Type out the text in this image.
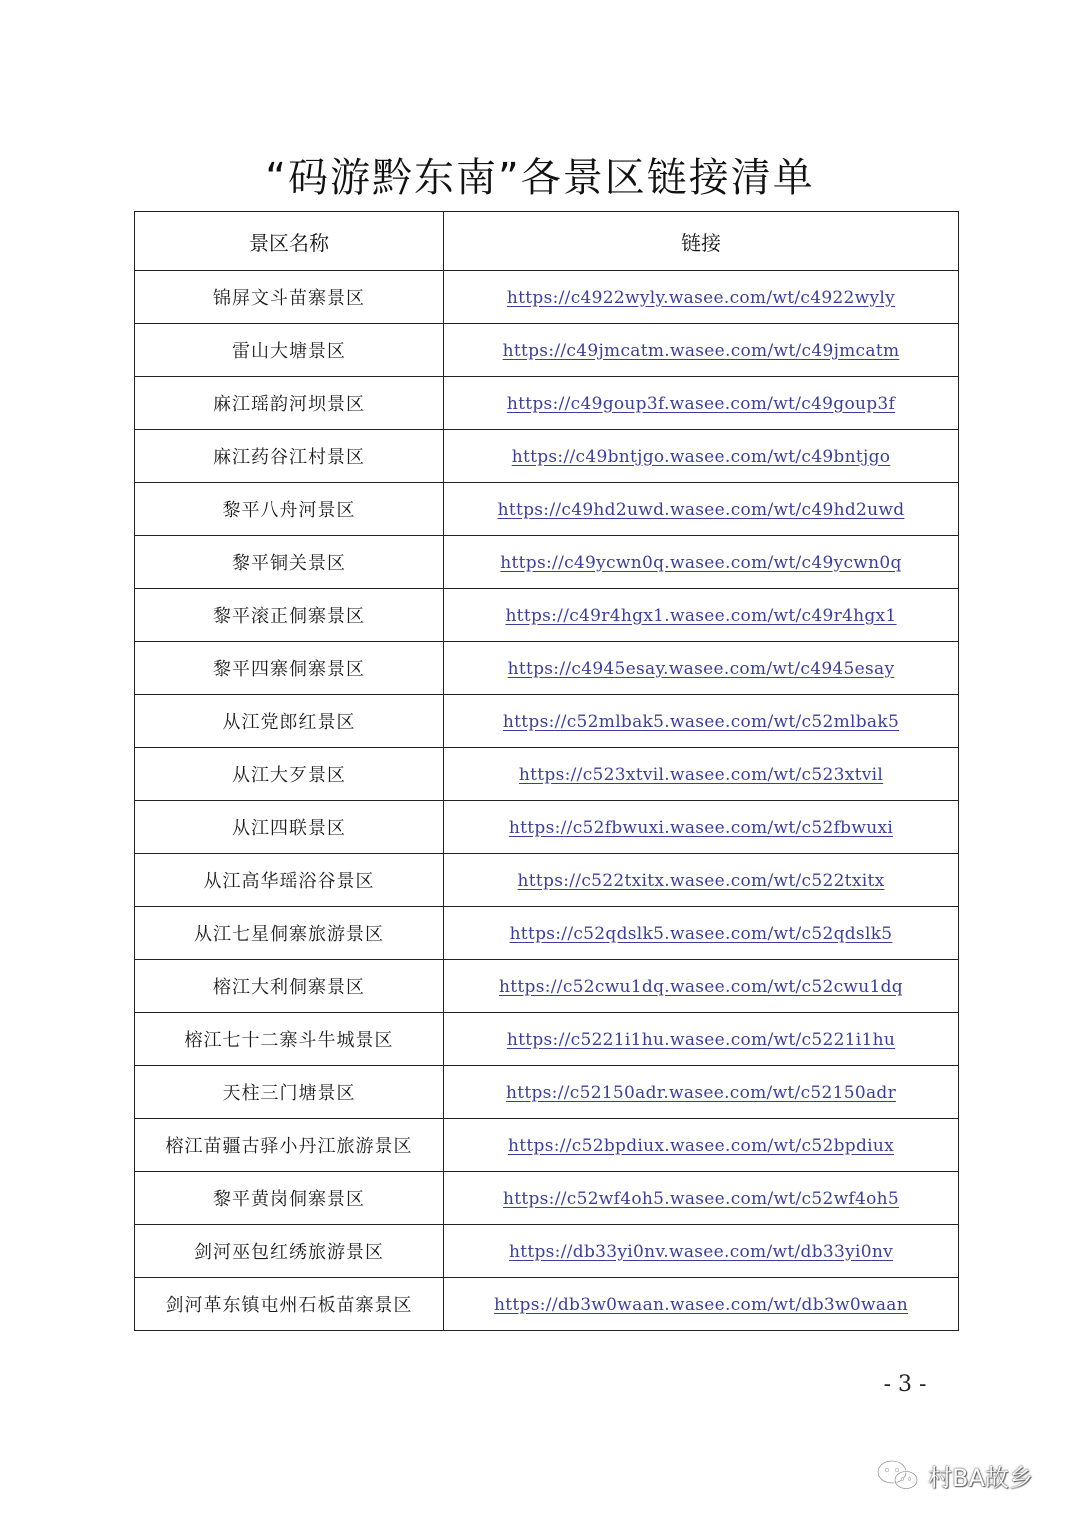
“码游黔东南”各景区链接清单
景区名称	链接
锦屏文斗苗寨景区	https://c4922wyly.wasee.com/wt/c4922wyly
雷山大塘景区	https://c49jmcatm.wasee.com/wt/c49jmcatm
麻江瑶韵河坝景区	https://c49goup3f.wasee.com/wt/c49goup3f
麻江药谷江村景区	https://c49bntjgo.wasee.com/wt/c49bntjgo
黎平八舟河景区	https://c49hd2uwd.wasee.com/wt/c49hd2uwd
黎平铜关景区	https://c49ycwn0q.wasee.com/wt/c49ycwn0q
黎平滚正侗寨景区	https://c49r4hgx1.wasee.com/wt/c49r4hgx1
黎平四寨侗寨景区	https://c4945esay.wasee.com/wt/c4945esay
从江党郎红景区	https://c52mlbak5.wasee.com/wt/c52mlbak5
从江大歹景区	https://c523xtvil.wasee.com/wt/c523xtvil
从江四联景区	https://c52fbwuxi.wasee.com/wt/c52fbwuxi
从江高华瑶浴谷景区	https://c522txitx.wasee.com/wt/c522txitx
从江七星侗寨旅游景区	https://c52qdslk5.wasee.com/wt/c52qdslk5
榕江大利侗寨景区	https://c52cwu1dq.wasee.com/wt/c52cwu1dq
榕江七十二寨斗牛城景区	https://c5221i1hu.wasee.com/wt/c5221i1hu
天柱三门塘景区	https://c52150adr.wasee.com/wt/c52150adr
榕江苗疆古驿小丹江旅游景区	https://c52bpdiux.wasee.com/wt/c52bpdiux
黎平黄岗侗寨景区	https://c52wf4oh5.wasee.com/wt/c52wf4oh5
剑河巫包红绣旅游景区	https://db33yi0nv.wasee.com/wt/db33yi0nv
剑河革东镇屯州石板苗寨景区	https://db3w0waan.wasee.com/wt/db3w0waan
- 3 -
村BA故乡
